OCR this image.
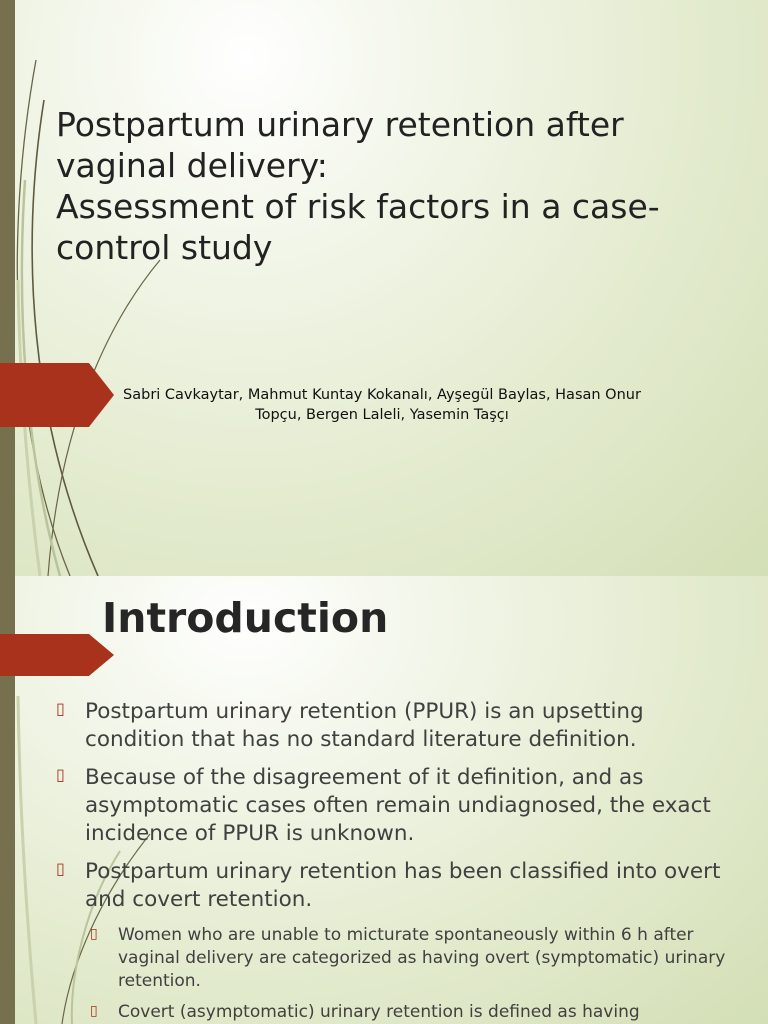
Postpartum urinary retention after
vaginal delivery:
Assessment of risk factors in a case-
control study
Sabri Cavkaytar, Mahmut Kuntay Kokanalı, Ayşegül Baylas, Hasan Onur
Topçu, Bergen Laleli, Yasemin Taşçı
Introduction
▯ Postpartum urinary retention (PPUR) is an upsetting condition that has no standard literature definition.
▯ Because of the disagreement of it definition, and as asymptomatic cases often remain undiagnosed, the exact incidence of PPUR is unknown.
▯ Postpartum urinary retention has been classified into overt and covert retention.
▯ Women who are unable to micturate spontaneously within 6 h after vaginal delivery are categorized as having overt (symptomatic) urinary retention.
▯ Covert (asymptomatic) urinary retention is defined as having
